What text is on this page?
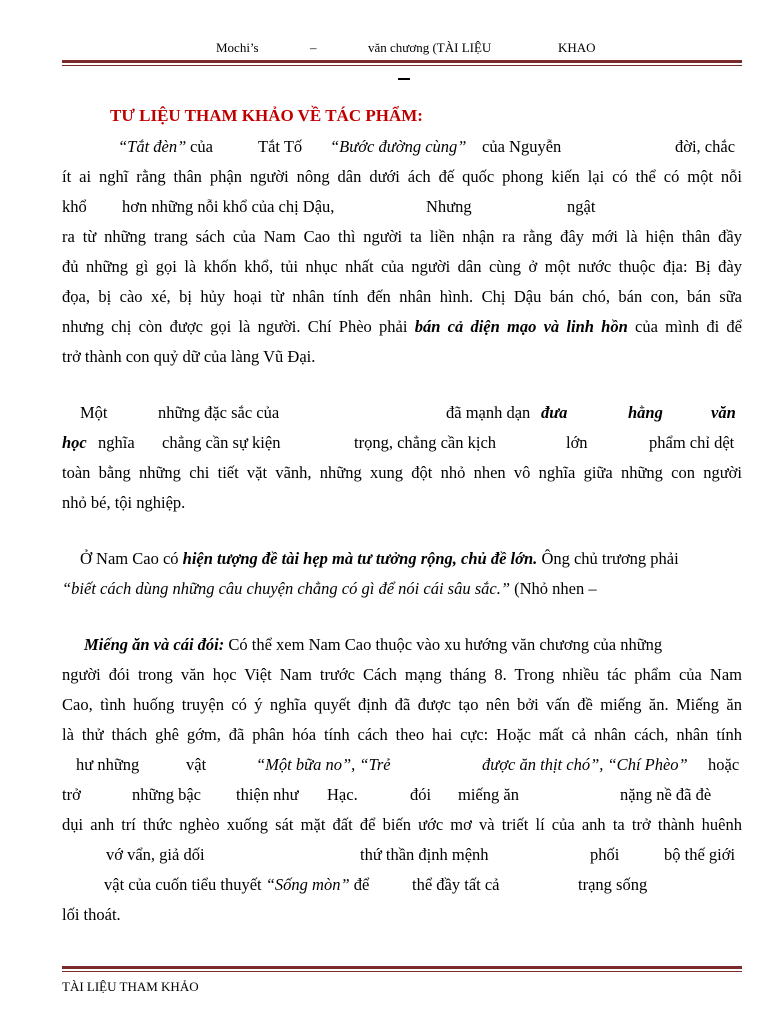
Mochi’s	–	văn chương (TÀI LIỆU	KHAO
TƯ LIỆU THAM KHẢO VỀ TÁC PHẨM:
“Tắt đèn” của	Tắt Tố “Bước đường cùng” của Nguyễn	đời, chắc
ít ai nghĩ rằng thân phận người nông dân dưới ách đế quốc phong kiến lại có thể có một nỗi
khổ hơn những nỗi khổ của chị Dậu,	Nhưng	ngật
ra từ những trang sách của Nam Cao thì người ta liền nhận ra rằng đây mới là hiện thân đầy
đủ những gì gọi là khốn khổ, tủi nhục nhất của người dân cùng ở một nước thuộc địa: Bị đày
đọa, bị cào xé, bị hủy hoại từ nhân tính đến nhân hình. Chị Dậu bán chó, bán con, bán sữa
nhưng chị còn được gọi là người. Chí Phèo phải bán cả diện mạo và linh hồn của mình đi để
trở thành con quỷ dữ của làng Vũ Đại.
Một	những đặc sắc của	đã mạnh dạn đưa	hằng	văn
học nghĩa chẳng cần sự kiện	trọng, chẳng cần kịch	lớn	phẩm chỉ dệt
toàn bằng những chi tiết vặt vãnh, những xung đột nhỏ nhen vô nghĩa giữa những con người
nhỏ bé, tội nghiệp.
Ở Nam Cao có hiện tượng đề tài hẹp mà tư tưởng rộng, chủ đề lớn. Ông chủ trương phải
“biết cách dùng những câu chuyện chẳng có gì để nói cái sâu sắc.” (Nhỏ nhen –
Miếng ăn và cái đói: Có thể xem Nam Cao thuộc vào xu hướng văn chương của những
người đói trong văn học Việt Nam trước Cách mạng tháng 8. Trong nhiều tác phẩm của Nam
Cao, tình huống truyện có ý nghĩa quyết định đã được tạo nên bởi vấn đề miếng ăn. Miếng ăn
là thử thách ghê gớm, đã phân hóa tính cách theo hai cực: Hoặc mất cả nhân cách, nhân tính
hư những	vật	“Một bữa no”, “Trẻ	được ăn thịt chó”, “Chí Phèo” hoặc
trở	những bậc thiện như Hạc.	đói miếng ăn	nặng nề đã đè
dụi anh trí thức nghèo xuống sát mặt đất để biến ước mơ và triết lí của anh ta trở thành huênh
vớ vẩn, giả dối	thứ thần định mệnh	phối	bộ thế giới
vật của cuốn tiểu thuyết “Sống mòn” để	thể đầy tất cả	trạng sống
lối thoát.
TÀI LIỆU THAM KHẢO
